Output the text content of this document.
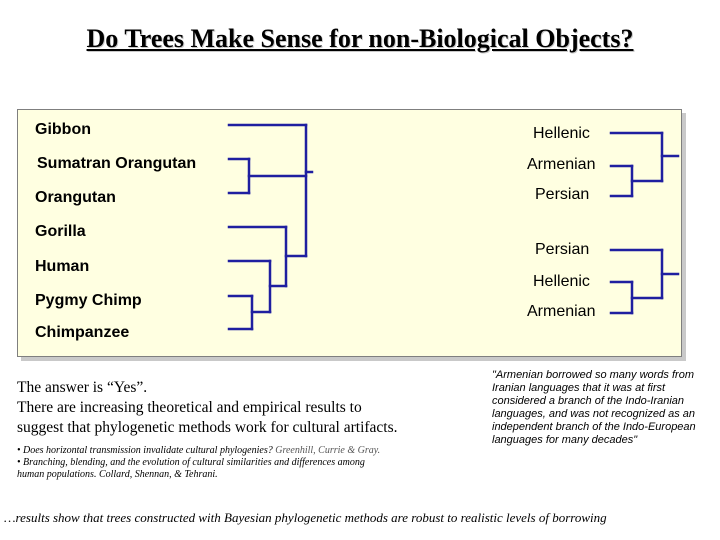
Do Trees Make Sense for non-Biological Objects?
Gibbon
Sumatran Orangutan
Orangutan
Gorilla
Human
Pygmy Chimp
Chimpanzee
Hellenic
Armenian
Persian
Persian
Hellenic
Armenian
The answer is “Yes”.
There are increasing theoretical and empirical results to
suggest that phylogenetic methods work for cultural artifacts.
• Does horizontal transmission invalidate cultural phylogenies? Greenhill, Currie & Gray.
• Branching, blending, and the evolution of cultural similarities and differences among
human populations. Collard, Shennan, & Tehrani.
"Armenian borrowed so many words from Iranian languages that it was at first considered a branch of the Indo-Iranian languages, and was not recognized as an independent branch of the Indo-European languages for many decades"
…results show that trees constructed with Bayesian phylogenetic methods are robust to realistic levels of borrowing
